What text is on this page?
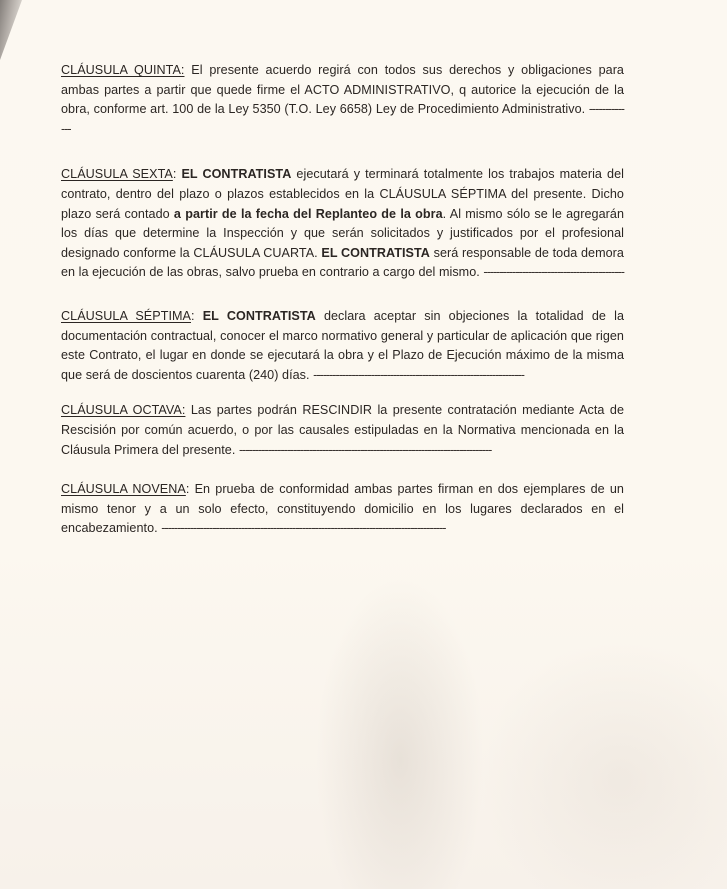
CLÁUSULA QUINTA: El presente acuerdo regirá con todos sus derechos y obligaciones para ambas partes a partir que quede firme el ACTO ADMINISTRATIVO, q autorice la ejecución de la obra, conforme art. 100 de la Ley 5350 (T.O. Ley 6658) Ley de Procedimiento Administrativo. --------------

CLÁUSULA SEXTA: EL CONTRATISTA ejecutará y terminará totalmente los trabajos materia del contrato, dentro del plazo o plazos establecidos en la CLÁUSULA SÉPTIMA del presente. Dicho plazo será contado a partir de la fecha del Replanteo de la obra. Al mismo sólo se le agregarán los días que determine la Inspección y que serán solicitados y justificados por el profesional designado conforme la CLÁUSULA CUARTA. EL CONTRATISTA será responsable de toda demora en la ejecución de las obras, salvo prueba en contrario a cargo del mismo. --------------------------------------------

CLÁUSULA SÉPTIMA: EL CONTRATISTA declara aceptar sin objeciones la totalidad de la documentación contractual, conocer el marco normativo general y particular de aplicación que rigen este Contrato, el lugar en donde se ejecutará la obra y el Plazo de Ejecución máximo de la misma que será de doscientos cuarenta (240) días. ------------------------------------------------------------------

CLÁUSULA OCTAVA: Las partes podrán RESCINDIR la presente contratación mediante Acta de Rescisión por común acuerdo, o por las causales estipuladas en la Normativa mencionada en la Cláusula Primera del presente. -------------------------------------------------------------------------------

CLÁUSULA NOVENA: En prueba de conformidad ambas partes firman en dos ejemplares de un mismo tenor y a un solo efecto, constituyendo domicilio en los lugares declarados en el encabezamiento. -----------------------------------------------------------------------------------------
